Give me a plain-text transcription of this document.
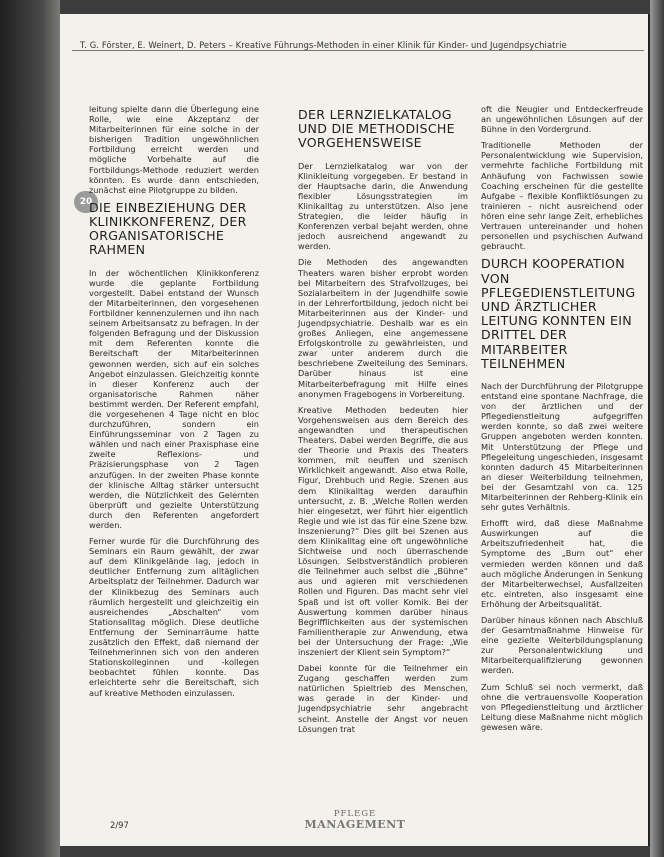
T. G. Förster, E. Weinert, D. Peters – Kreative Führungs-Methoden in einer Klinik für Kinder- und Jugendpsychiatrie
20

leitung spielte dann die Überlegung eine Rolle, wie eine Akzeptanz der Mitarbeiterinnen für eine solche in der bisherigen Tradition ungewöhnlichen Fortbildung erreicht werden und mögliche Vorbehalte auf die Fortbildungs-Methode reduziert werden könnten. Es wurde dann entschieden, zunächst eine Pilotgruppe zu bilden.

DIE EINBEZIEHUNG DER KLINIKKONFERENZ, DER ORGANISATORISCHE RAHMEN

In der wöchentlichen Klinikkonferenz wurde die geplante Fortbildung vorgestellt. Dabei entstand der Wunsch der Mitarbeiterinnen, den vorgesehenen Fortbildner kennenzulernen und ihn nach seinem Arbeitsansatz zu befragen. In der folgenden Befragung und der Diskussion mit dem Referenten konnte die Bereitschaft der Mitarbeiterinnen gewonnen werden, sich auf ein solches Angebot einzulassen. Gleichzeitig konnte in dieser Konferenz auch der organisatorische Rahmen näher bestimmt werden. Der Referent empfahl, die vorgesehenen 4 Tage nicht en bloc durchzuführen, sondern ein Einführungsseminar von 2 Tagen zu wählen und nach einer Praxisphase eine zweite Reflexions- und Präzisierungsphase von 2 Tagen anzufügen. In der zweiten Phase konnte der klinische Alltag stärker untersucht werden, die Nützlichkeit des Gelernten überprüft und gezielte Unterstützung durch den Referenten angefordert werden.

Ferner wurde für die Durchführung des Seminars ein Raum gewählt, der zwar auf dem Klinikgelände lag, jedoch in deutlicher Entfernung zum alltäglichen Arbeitsplatz der Teilnehmer. Dadurch war der Klinikbezug des Seminars auch räumlich hergestellt und gleichzeitig ein ausreichendes „Abschalten“ vom Stationsalltag möglich. Diese deutliche Entfernung der Seminarräume hatte zusätzlich den Effekt, daß niemand der Teilnehmerinnen sich von den anderen Stationskolleginnen und -kollegen beobachtet fühlen konnte. Das erleichterte sehr die Bereitschaft, sich auf kreative Methoden einzulassen.

DER LERNZIELKATALOG UND DIE METHODISCHE VORGEHENSWEISE

Der Lernzielkatalog war von der Klinikleitung vorgegeben. Er bestand in der Hauptsache darin, die Anwendung flexibler Lösungsstrategien im Klinikalltag zu unterstützen. Also jene Strategien, die leider häufig in Konferenzen verbal bejaht werden, ohne jedoch ausreichend angewandt zu werden.

Die Methoden des angewandten Theaters waren bisher erprobt worden bei Mitarbeitern des Strafvollzuges, bei Sozialarbeitern in der Jugendhilfe sowie in der Lehrerfortbildung, jedoch nicht bei Mitarbeiterinnen aus der Kinder- und Jugendpsychiatrie. Deshalb war es ein großes Anliegen, eine angemessene Erfolgskontrolle zu gewährleisten, und zwar unter anderem durch die beschriebene Zweiteilung des Seminars. Darüber hinaus ist eine Mitarbeiterbefragung mit Hilfe eines anonymen Fragebogens in Vorbereitung.

Kreative Methoden bedeuten hier Vorgehensweisen aus dem Bereich des angewandten und therapeutischen Theaters. Dabei werden Begriffe, die aus der Theorie und Praxis des Theaters kommen, mit neuffen und szenisch Wirklichkeit angewandt. Also etwa Rolle, Figur, Drehbuch und Regie. Szenen aus dem Klinikalltag werden daraufhin untersucht, z. B. „Welche Rollen werden hier eingesetzt, wer führt hier eigentlich Regie und wie ist das für eine Szene bzw. Inszenierung?“ Dies gilt bei Szenen aus dem Klinikalltag eine oft ungewöhnliche Sichtweise und noch überraschende Lösungen. Selbstverständlich probieren die Teilnehmer auch selbst die „Bühne“ aus und agieren mit verschiedenen Rollen und Figuren. Das macht sehr viel Spaß und ist oft voller Komik. Bei der Auswertung kommen darüber hinaus Begrifflichkeiten aus der systemischen Familientherapie zur Anwendung, etwa bei der Untersuchung der Frage: „Wie inszeniert der Klient sein Symptom?“

Dabei konnte für die Teilnehmer ein Zugang geschaffen werden zum natürlichen Spieltrieb des Menschen, was gerade in der Kinder- und Jugendpsychiatrie sehr angebracht scheint. Anstelle der Angst vor neuen Lösungen trat

oft die Neugier und Entdeckerfreude an ungewöhnlichen Lösungen auf der Bühne in den Vordergrund.

Traditionelle Methoden der Personalentwicklung wie Supervision, vermehrte fachliche Fortbildung mit Anhäufung von Fachwissen sowie Coaching erscheinen für die gestellte Aufgabe – flexible Konfliktlösungen zu trainieren – nicht ausreichend oder hören eine sehr lange Zeit, erhebliches Vertrauen untereinander und hohen personellen und psychischen Aufwand gebraucht.

DURCH KOOPERATION VON PFLEGEDIENSTLEITUNG UND ÄRZTLICHER LEITUNG KONNTEN EIN DRITTEL DER MITARBEITER TEILNEHMEN

Nach der Durchführung der Pilotgruppe entstand eine spontane Nachfrage, die von der ärztlichen und der Pflegedienstleitung aufgegriffen werden konnte, so daß zwei weitere Gruppen angeboten werden konnten. Mit Unterstützung der Pflege und Pflegeleitung ungeschieden, insgesamt konnten dadurch 45 Mitarbeiterinnen an dieser Weiterbildung teilnehmen, bei der Gesamtzahl von ca. 125 Mitarbeiterinnen der Rehberg-Klinik ein sehr gutes Verhältnis.

Erhofft wird, daß diese Maßnahme Auswirkungen auf die Arbeitszufriedenheit hat, die Symptome des „Burn out“ eher vermieden werden können und daß auch mögliche Änderungen in Senkung der Mitarbeiterwechsel, Ausfallzeiten etc. eintreten, also insgesamt eine Erhöhung der Arbeitsqualität.

Darüber hinaus können nach Abschluß der Gesamtmaßnahme Hinweise für eine gezielte Weiterbildungsplanung zur Personalentwicklung und Mitarbeiterqualifizierung gewonnen werden.

Zum Schluß sei noch vermerkt, daß ohne die vertrauensvolle Kooperation von Pflegedienstleitung und ärztlicher Leitung diese Maßnahme nicht möglich gewesen wäre.

2/97
PFLEGE
MANAGEMENT
